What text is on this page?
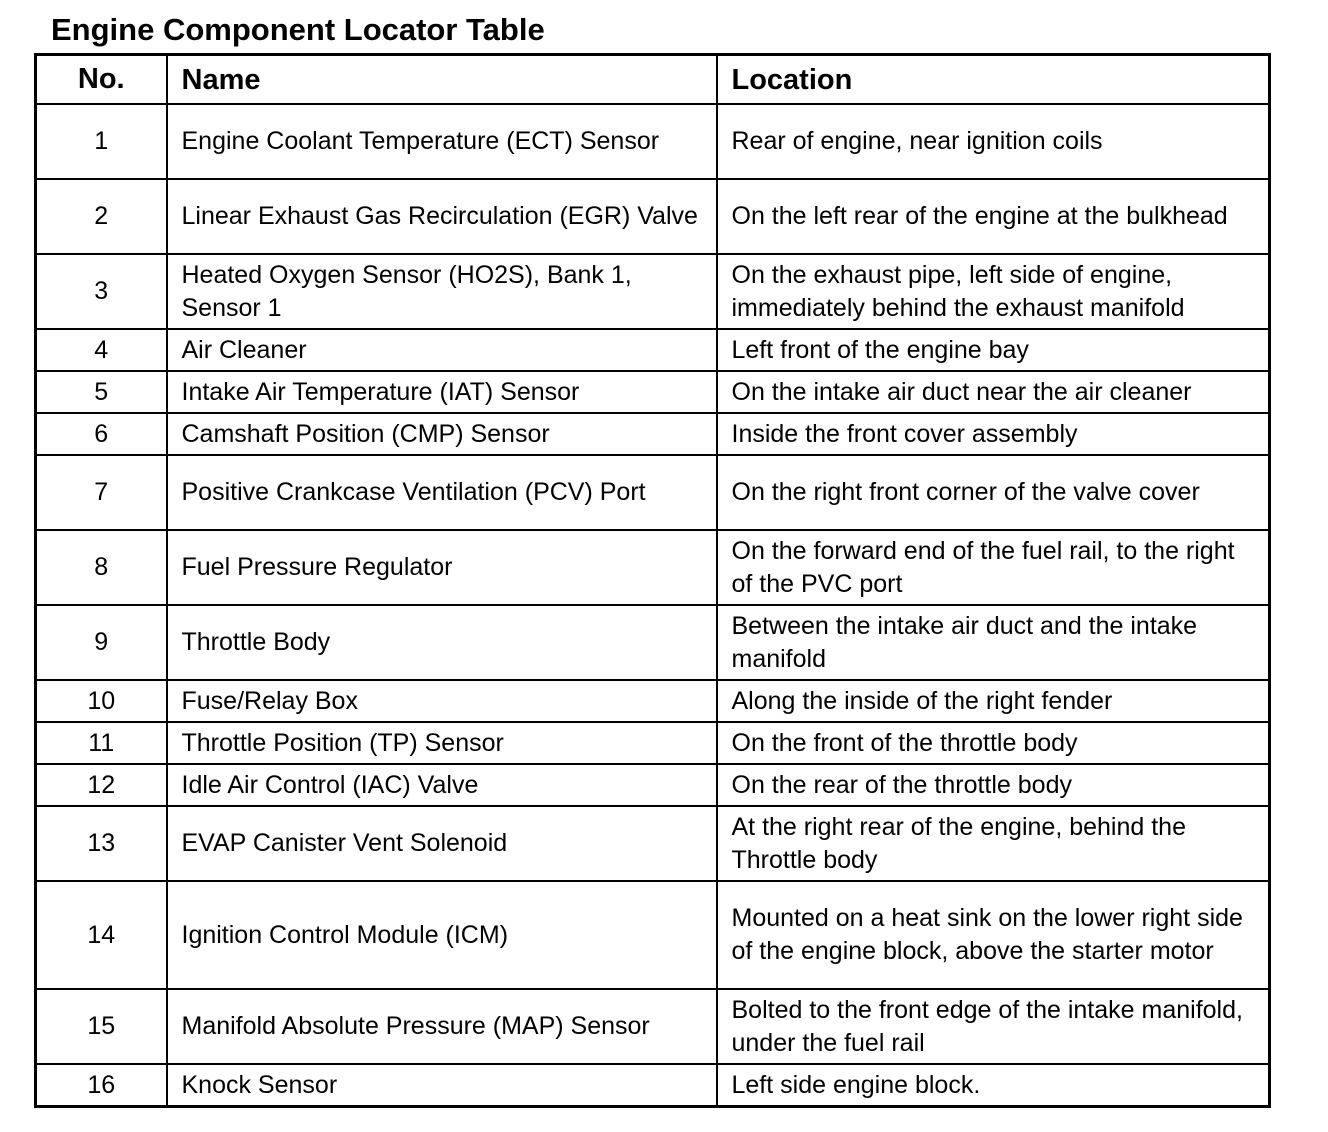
Engine Component Locator Table
No.	Name	Location
1	Engine Coolant Temperature (ECT) Sensor	Rear of engine, near ignition coils
2	Linear Exhaust Gas Recirculation (EGR) Valve	On the left rear of the engine at the bulkhead
3	Heated Oxygen Sensor (HO2S), Bank 1, Sensor 1	On the exhaust pipe, left side of engine, immediately behind the exhaust manifold
4	Air Cleaner	Left front of the engine bay
5	Intake Air Temperature (IAT) Sensor	On the intake air duct near the air cleaner
6	Camshaft Position (CMP) Sensor	Inside the front cover assembly
7	Positive Crankcase Ventilation (PCV) Port	On the right front corner of the valve cover
8	Fuel Pressure Regulator	On the forward end of the fuel rail, to the right of the PVC port
9	Throttle Body	Between the intake air duct and the intake manifold
10	Fuse/Relay Box	Along the inside of the right fender
11	Throttle Position (TP) Sensor	On the front of the throttle body
12	Idle Air Control (IAC) Valve	On the rear of the throttle body
13	EVAP Canister Vent Solenoid	At the right rear of the engine, behind the Throttle body
14	Ignition Control Module (ICM)	Mounted on a heat sink on the lower right side of the engine block, above the starter motor
15	Manifold Absolute Pressure (MAP) Sensor	Bolted to the front edge of the intake manifold, under the fuel rail
16	Knock Sensor	Left side engine block.
